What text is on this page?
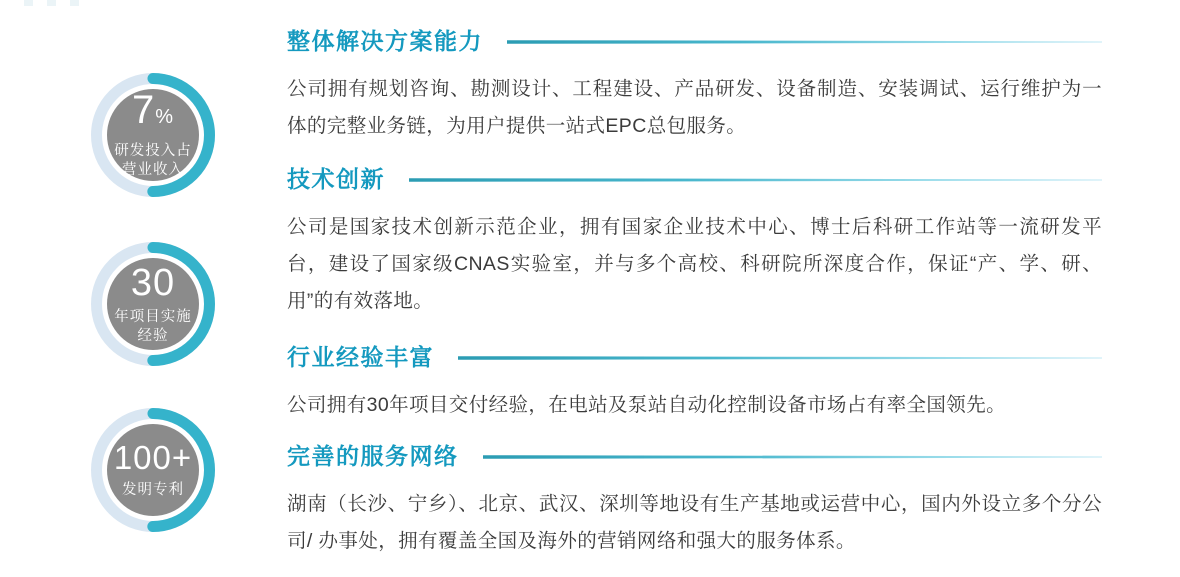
7%
研发投入占
营业收入
30
年项目实施
经验
100+
发明专利
整体解决方案能力

公司拥有规划咨询、勘测设计、工程建设、产品研发、设备制造、安装调试、运行维护为一体的完整业务链，为用户提供一站式EPC总包服务。

技术创新

公司是国家技术创新示范企业，拥有国家企业技术中心、博士后科研工作站等一流研发平台，建设了国家级CNAS实验室，并与多个高校、科研院所深度合作，保证“产、学、研、用”的有效落地。

行业经验丰富

公司拥有30年项目交付经验，在电站及泵站自动化控制设备市场占有率全国领先。

完善的服务网络

湖南（长沙、宁乡）、北京、武汉、深圳等地设有生产基地或运营中心，国内外设立多个分公司/ 办事处，拥有覆盖全国及海外的营销网络和强大的服务体系。
